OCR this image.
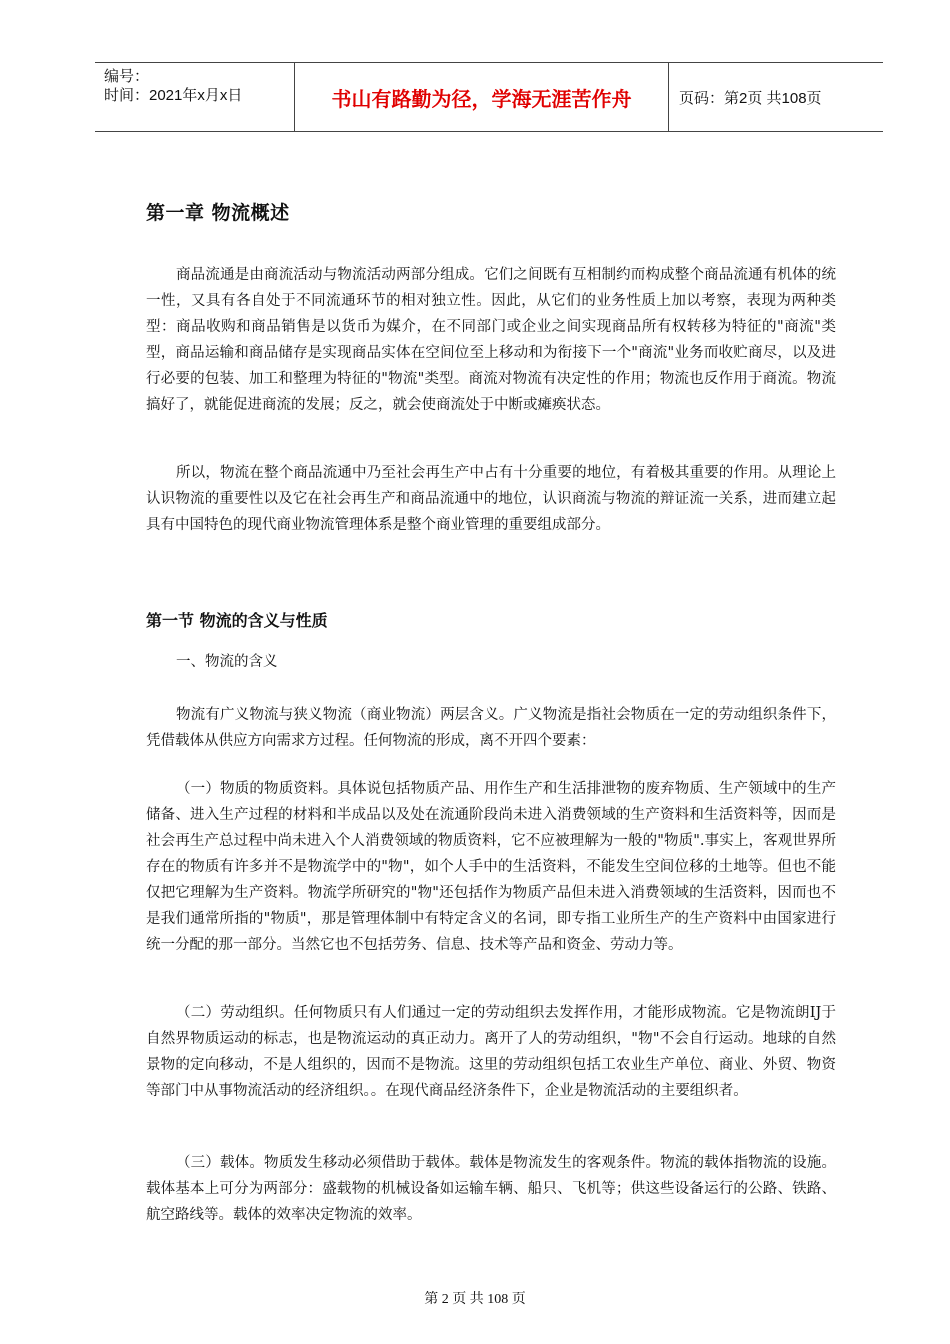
编号：
时间：2021年x月x日	书山有路勤为径，学海无涯苦作舟	页码：第2页 共108页
第一章 物流概述

商品流通是由商流活动与物流活动两部分组成。它们之间既有互相制约而构成整个商品流通有机体的统一性，又具有各自处于不同流通环节的相对独立性。因此，从它们的业务性质上加以考察，表现为两种类型：商品收购和商品销售是以货币为媒介，在不同部门或企业之间实现商品所有权转移为特征的"商流"类型，商品运输和商品储存是实现商品实体在空间位至上移动和为衔接下一个"商流"业务而收贮商尽，以及进行必要的包装、加工和整理为特征的"物流"类型。商流对物流有决定性的作用；物流也反作用于商流。物流搞好了，就能促进商流的发展；反之，就会使商流处于中断或瘫痪状态。

所以，物流在整个商品流通中乃至社会再生产中占有十分重要的地位，有着极其重要的作用。从理论上认识物流的重要性以及它在社会再生产和商品流通中的地位，认识商流与物流的辩证流一关系，进而建立起具有中国特色的现代商业物流管理体系是整个商业管理的重要组成部分。

第一节 物流的含义与性质
一、物流的含义

物流有广义物流与狭义物流（商业物流）两层含义。广义物流是指社会物质在一定的劳动组织条件下，凭借载体从供应方向需求方过程。任何物流的形成，离不开四个要素：

（一）物质的物质资料。具体说包括物质产品、用作生产和生活排泄物的废弃物质、生产领域中的生产储备、进入生产过程的材料和半成品以及处在流通阶段尚未进入消费领域的生产资料和生活资料等，因而是社会再生产总过程中尚未进入个人消费领域的物质资料，它不应被理解为一般的"物质".事实上，客观世界所存在的物质有许多并不是物流学中的"物"，如个人手中的生活资料，不能发生空间位移的土地等。但也不能仅把它理解为生产资料。物流学所研究的"物"还包括作为物质产品但未进入消费领域的生活资料，因而也不是我们通常所指的"物质"，那是管理体制中有特定含义的名词，即专指工业所生产的生产资料中由国家进行统一分配的那一部分。当然它也不包括劳务、信息、技术等产品和资金、劳动力等。

（二）劳动组织。任何物质只有人们通过一定的劳动组织去发挥作用，才能形成物流。它是物流朗IJ于自然界物质运动的标志，也是物流运动的真正动力。离开了人的劳动组织，"物"不会自行运动。地球的自然景物的定向移动，不是人组织的，因而不是物流。这里的劳动组织包括工农业生产单位、商业、外贸、物资等部门中从事物流活动的经济组织。。在现代商品经济条件下，企业是物流活动的主要组织者。

（三）载体。物质发生移动必须借助于载体。载体是物流发生的客观条件。物流的载体指物流的设施。载体基本上可分为两部分：盛载物的机械设备如运输车辆、船只、飞机等；供这些设备运行的公路、铁路、航空路线等。载体的效率决定物流的效率。

第 2 页 共 108 页
